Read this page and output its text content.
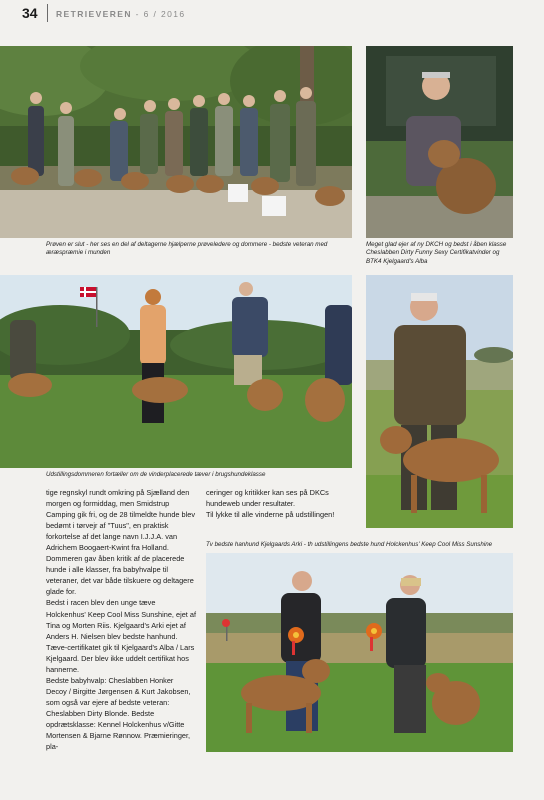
34 RETRIEVEREN - 6 / 2016
Prøven er slut - her ses en del af deltagerne hjælperne prøveledere og dommere - bedste veteran med æræspræmie i munden
Meget glad ejer af ny DKCH og bedst i åben klasse Cheslabben Dirty Funny Sexy Certifikatvinder og BTK4 Kjelgaard's Alba
Udstillingsdommeren fortæller om de vinderplacerede tæver i brugshundeklasse

tige regnskyl rundt omkring på Sjælland den morgen og formiddag, men Smidstrup Camping gik fri, og de 28 tilmeldte hunde blev bedømt i tørvejr af "Tuus", en praktisk forkortelse af det lange navn I.J.J.A. van Adrichem Boogaert-Kwint fra Holland. Dommeren gav åben kritik af de placerede hunde i alle klasser, fra babyhvalpe til veteraner, det var både tilskuere og deltagere glade for.

Bedst i racen blev den unge tæve Holckenhus' Keep Cool Miss Sunshine, ejet af Tina og Morten Riis. Kjelgaard's Arki ejet af Anders H. Nielsen blev bedste hanhund. Tæve-certifikatet gik til Kjelgaard's Alba / Lars Kjelgaard. Der blev ikke uddelt certifikat hos hannerne.

Bedste babyhvalp: Cheslabben Honker Decoy / Birgitte Jørgensen & Kurt Jakobsen, som også var ejere af bedste veteran: Cheslabben Dirty Blonde. Bedste opdrætsklasse: Kennel Holckenhus v/Gitte Mortensen & Bjarne Rønnow. Præmieringer, pla-

ceringer og kritikker kan ses på DKCs hundeweb under resultater.

Til lykke til alle vinderne på udstillingen!

Tv bedste hanhund Kjelgaards Arki - th udstillingens bedste hund Holckenhus' Keep Cool Miss Sunshine
